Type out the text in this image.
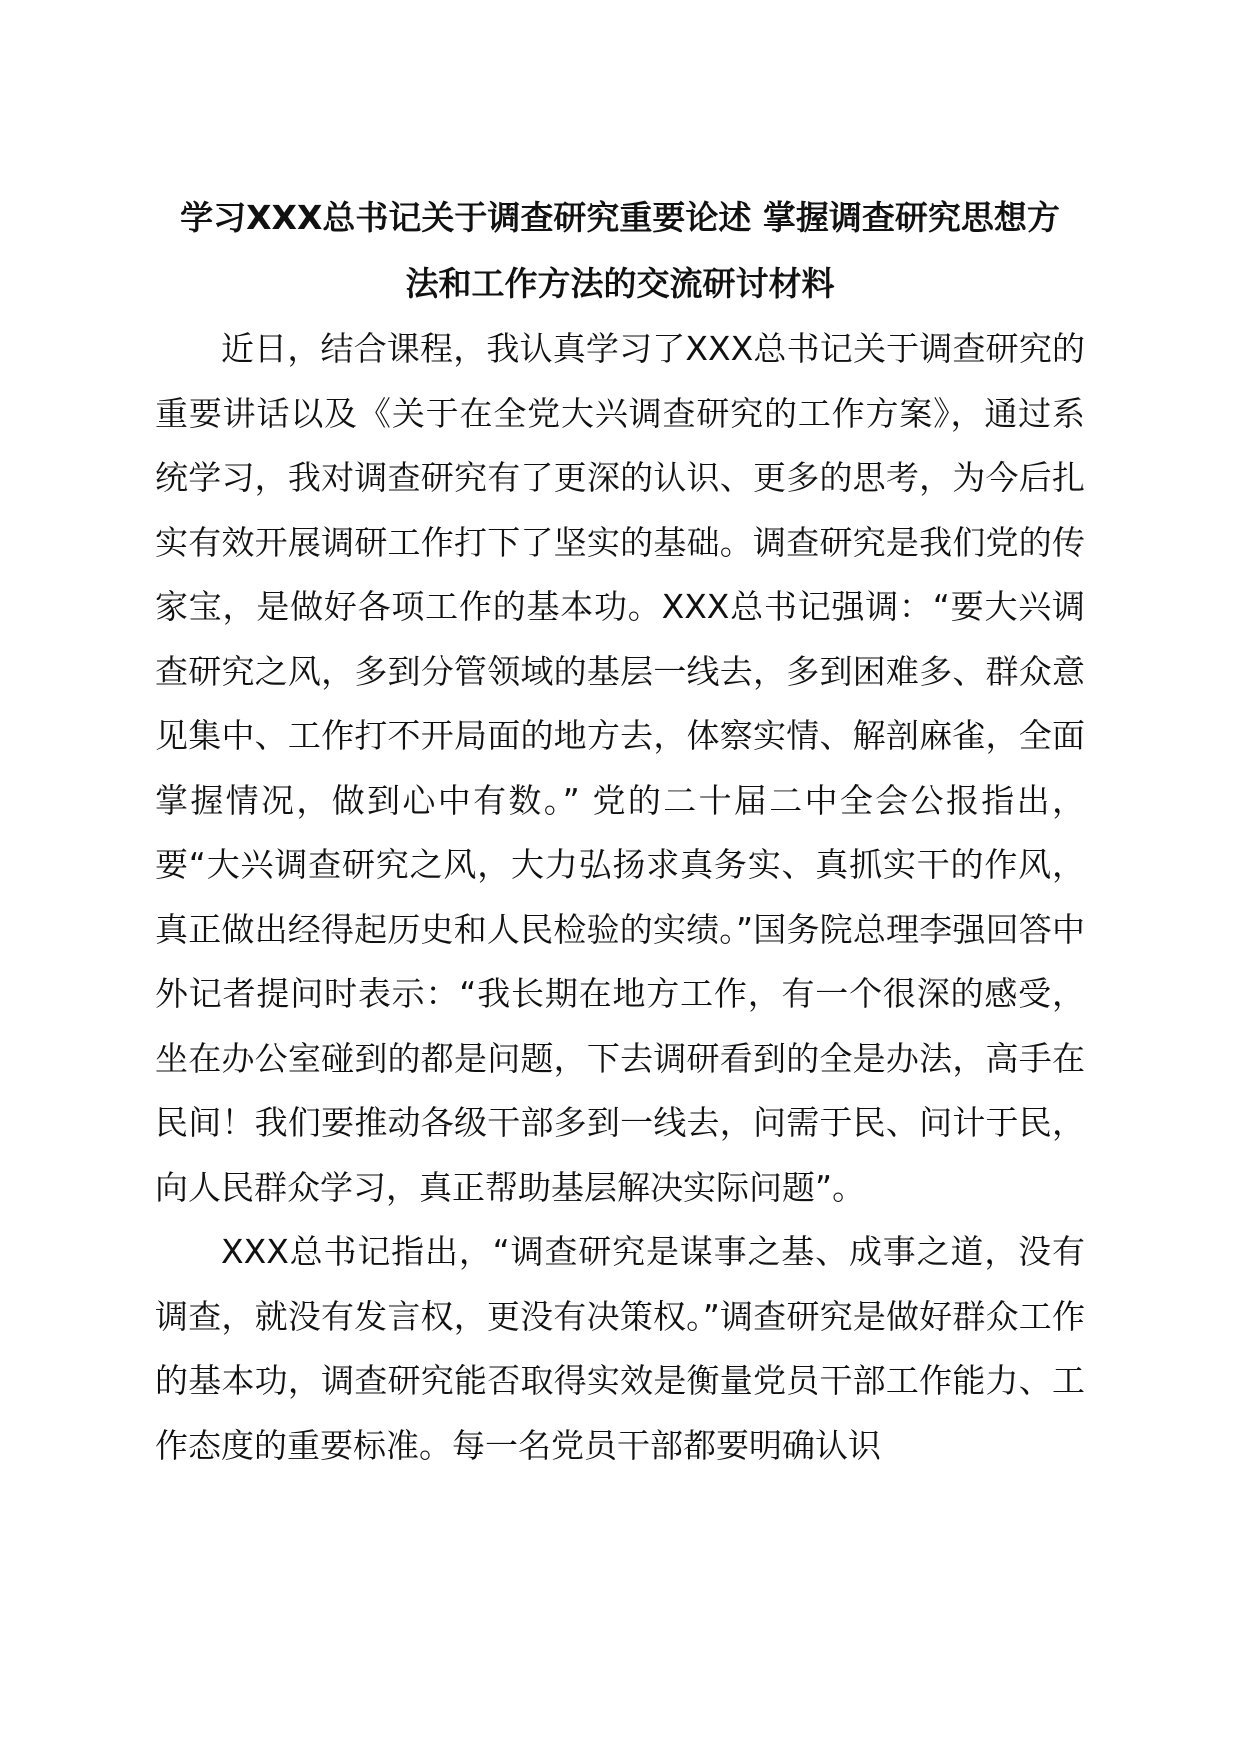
学习XXX总书记关于调查研究重要论述 掌握调查研究思想方
法和工作方法的交流研讨材料

近日，结合课程，我认真学习了XXX总书记关于调查研究的重要讲话以及《关于在全党大兴调查研究的工作方案》，通过系统学习，我对调查研究有了更深的认识、更多的思考，为今后扎实有效开展调研工作打下了坚实的基础。调查研究是我们党的传家宝，是做好各项工作的基本功。XXX总书记强调：“要大兴调查研究之风，多到分管领域的基层一线去，多到困难多、群众意见集中、工作打不开局面的地方去，体察实情、解剖麻雀，全面掌握情况，做到心中有数。” 党的二十届二中全会公报指出，要“大兴调查研究之风，大力弘扬求真务实、真抓实干的作风，真正做出经得起历史和人民检验的实绩。”国务院总理李强回答中外记者提问时表示：“我长期在地方工作，有一个很深的感受，坐在办公室碰到的都是问题，下去调研看到的全是办法，高手在民间！我们要推动各级干部多到一线去，问需于民、问计于民，向人民群众学习，真正帮助基层解决实际问题”。

XXX总书记指出，“调查研究是谋事之基、成事之道，没有调查，就没有发言权，更没有决策权。”调查研究是做好群众工作的基本功，调查研究能否取得实效是衡量党员干部工作能力、工作态度的重要标准。每一名党员干部都要明确认识
